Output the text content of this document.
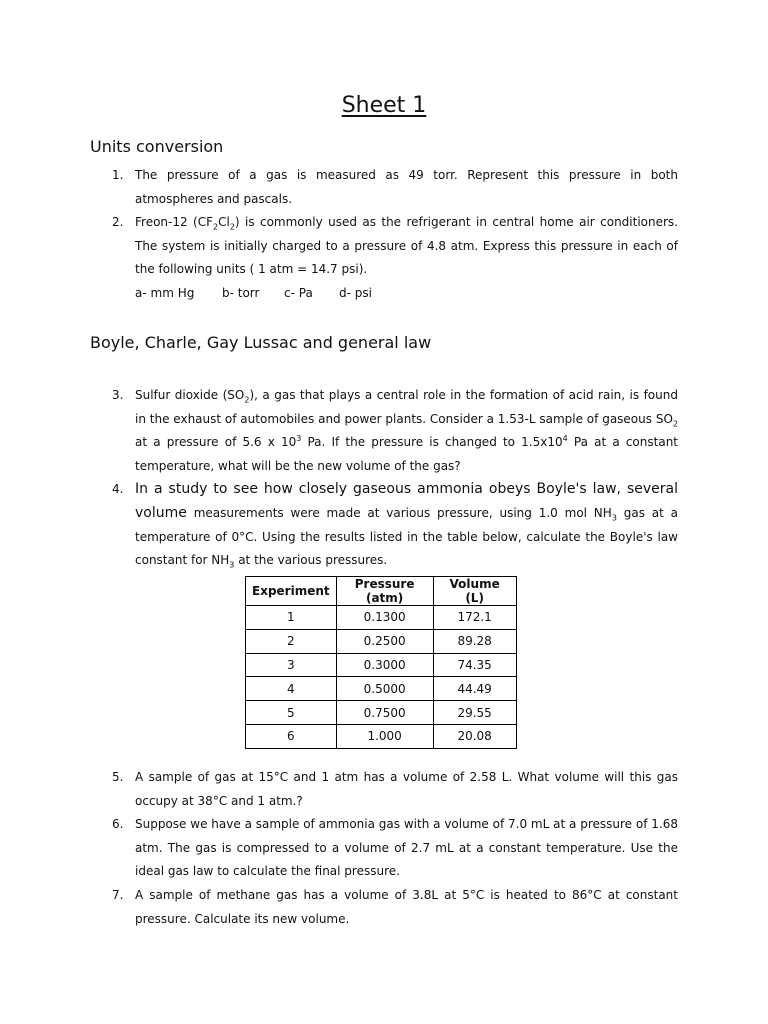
Sheet 1
Units conversion
1. The pressure of a gas is measured as 49 torr. Represent this pressure in both atmospheres and pascals.
2. Freon-12 $(CF_2Cl_2)$ is commonly used as the refrigerant in central home air conditioners. The system is initially charged to a pressure of 4.8 atm. Express this pressure in each of the following units ( 1 atm = 14.7 psi).
a- mm Hg b- torr c- Pa d- psi
Boyle, Charle, Gay Lussac and general law
3. Sulfur dioxide $(SO_2)$, a gas that plays a central role in the formation of acid rain, is found in the exhaust of automobiles and power plants. Consider a 1.53-L sample of gaseous $SO_2$ at a pressure of 5.6 x $10^3$ Pa. If the pressure is changed to $1.5x10^4$ Pa at a constant temperature, what will be the new volume of the gas?
4. In a study to see how closely gaseous ammonia obeys Boyle's law, several volume measurements were made at various pressure, using 1.0 mol $NH_3$ gas at a temperature of 0°C. Using the results listed in the table below, calculate the Boyle's law constant for $NH_3$ at the various pressures.
Experiment	Pressure (atm)	Volume (L)
1	0.1300	172.1
2	0.2500	89.28
3	0.3000	74.35
4	0.5000	44.49
5	0.7500	29.55
6	1.000	20.08
5. A sample of gas at 15°C and 1 atm has a volume of 2.58 L. What volume will this gas occupy at 38°C and 1 atm.?
6. Suppose we have a sample of ammonia gas with a volume of 7.0 mL at a pressure of 1.68 atm. The gas is compressed to a volume of 2.7 mL at a constant temperature. Use the ideal gas law to calculate the final pressure.
7. A sample of methane gas has a volume of 3.8L at 5°C is heated to 86°C at constant pressure. Calculate its new volume.
